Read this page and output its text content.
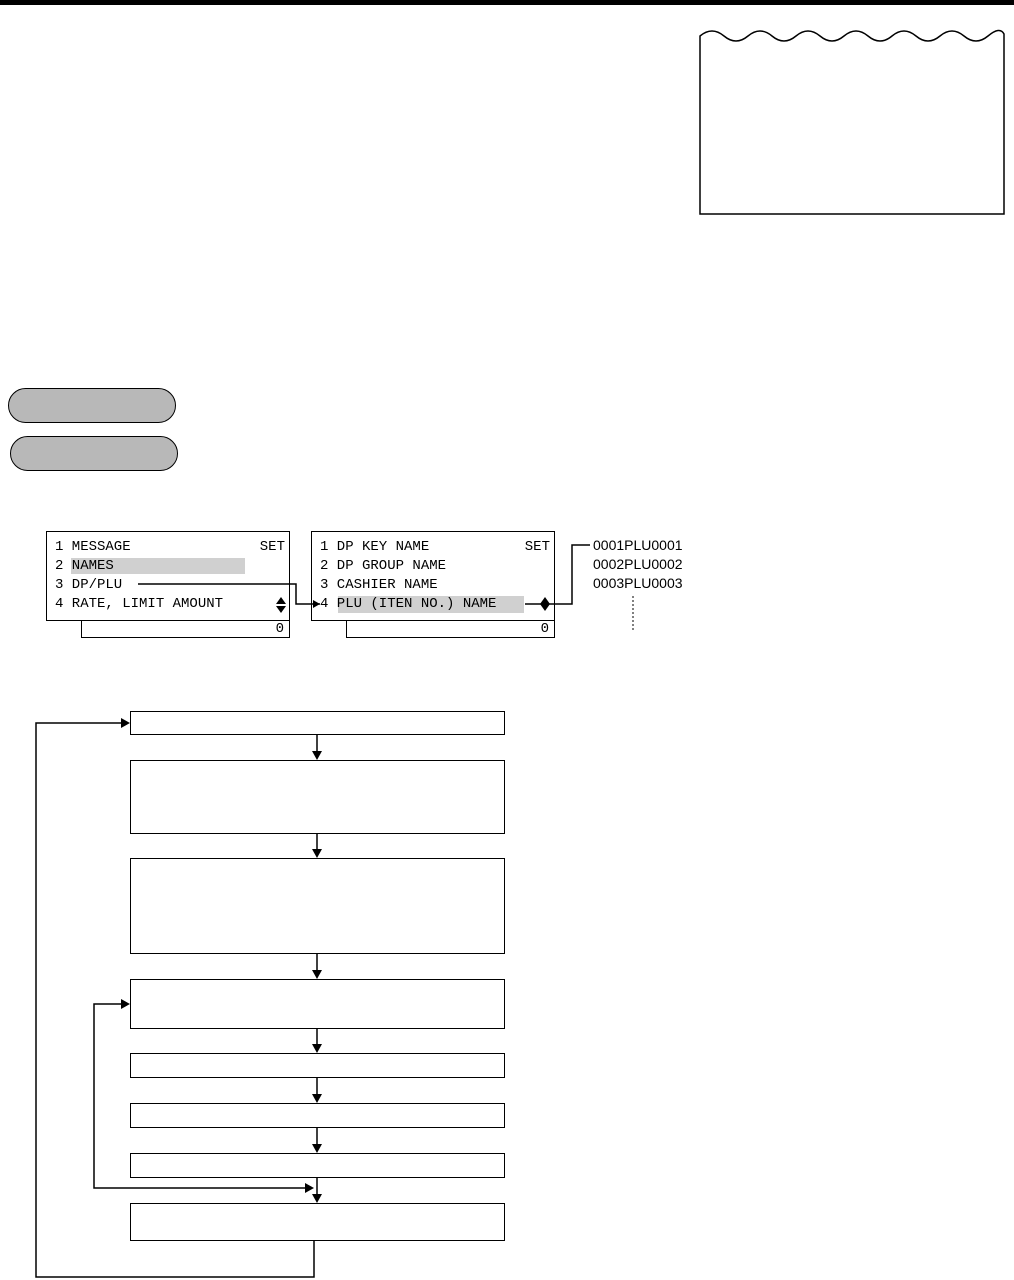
1 MESSAGE	SET
2 NAMES
3 DP/PLU
4 RATE, LIMIT AMOUNT
0
1 DP KEY NAME	SET
2 DP GROUP NAME
3 CASHIER NAME
4 PLU (ITEN NO.) NAME
0
0001PLU0001
0002PLU0002
0003PLU0003
